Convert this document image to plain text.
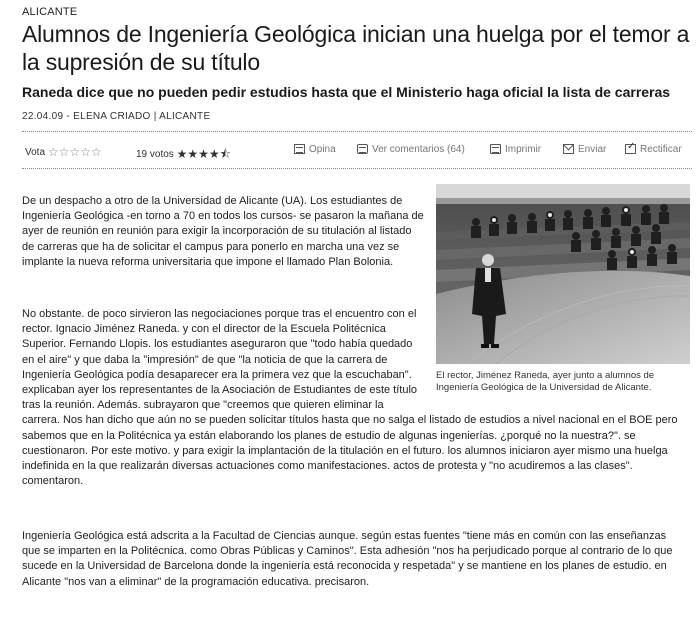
ALICANTE
Alumnos de Ingeniería Geológica inician una huelga por el temor a la supresión de su título
Raneda dice que no pueden pedir estudios hasta que el Ministerio haga oficial la lista de carreras
22.04.09 - ELENA CRIADO | ALICANTE
Vota ☆☆☆☆☆	19 votos ★★★★⯪	Opina	Ver comentarios (64)	Imprimir	Enviar
✓	Rectificar
El rector, Jiménez Raneda, ayer junto a alumnos de Ingeniería Geológica de la Universidad de Alicante.

De un despacho a otro de la Universidad de Alicante (UA). Los estudiantes de Ingeniería Geológica -en torno a 70 en todos los cursos- se pasaron la mañana de ayer de reunión en reunión para exigir la incorporación de su titulación al listado de carreras que ha de solicitar el campus para ponerlo en marcha una vez se implante la nueva reforma universitaria que impone el llamado Plan Bolonia.

No obstante. de poco sirvieron las negociaciones porque tras el encuentro con el rector. Ignacio Jiménez Raneda. y con el director de la Escuela Politécnica Superior. Fernando Llopis. los estudiantes aseguraron que "todo había quedado en el aire" y que daba la "impresión" de que "la noticia de que la carrera de Ingeniería Geológica podía desaparecer era la primera vez que la escuchaban". explicaban ayer los representantes de la Asociación de Estudiantes de este título tras la reunión. Además. subrayaron que "creemos que quieren eliminar la carrera. Nos han dicho que aún no se pueden solicitar títulos hasta que no salga el listado de estudios a nivel nacional en el BOE pero sabemos que en la Politécnica ya están elaborando los planes de estudio de algunas ingenierías. ¿porqué no la nuestra?". se cuestionaron. Por este motivo. y para exigir la implantación de la titulación en el futuro. los alumnos iniciaron ayer mismo una huelga indefinida en la que realizarán diversas actuaciones como manifestaciones. actos de protesta y "no acudiremos a las clases". comentaron.

Ingeniería Geológica está adscrita a la Facultad de Ciencias aunque. según estas fuentes "tiene más en común con las enseñanzas que se imparten en la Politécnica. como Obras Públicas y Caminos". Esta adhesión "nos ha perjudicado porque al contrario de lo que sucede en la Universidad de Barcelona donde la ingeniería está reconocida y respetada" y se mantiene en los planes de estudio. en Alicante "nos van a eliminar" de la programación educativa. precisaron.
